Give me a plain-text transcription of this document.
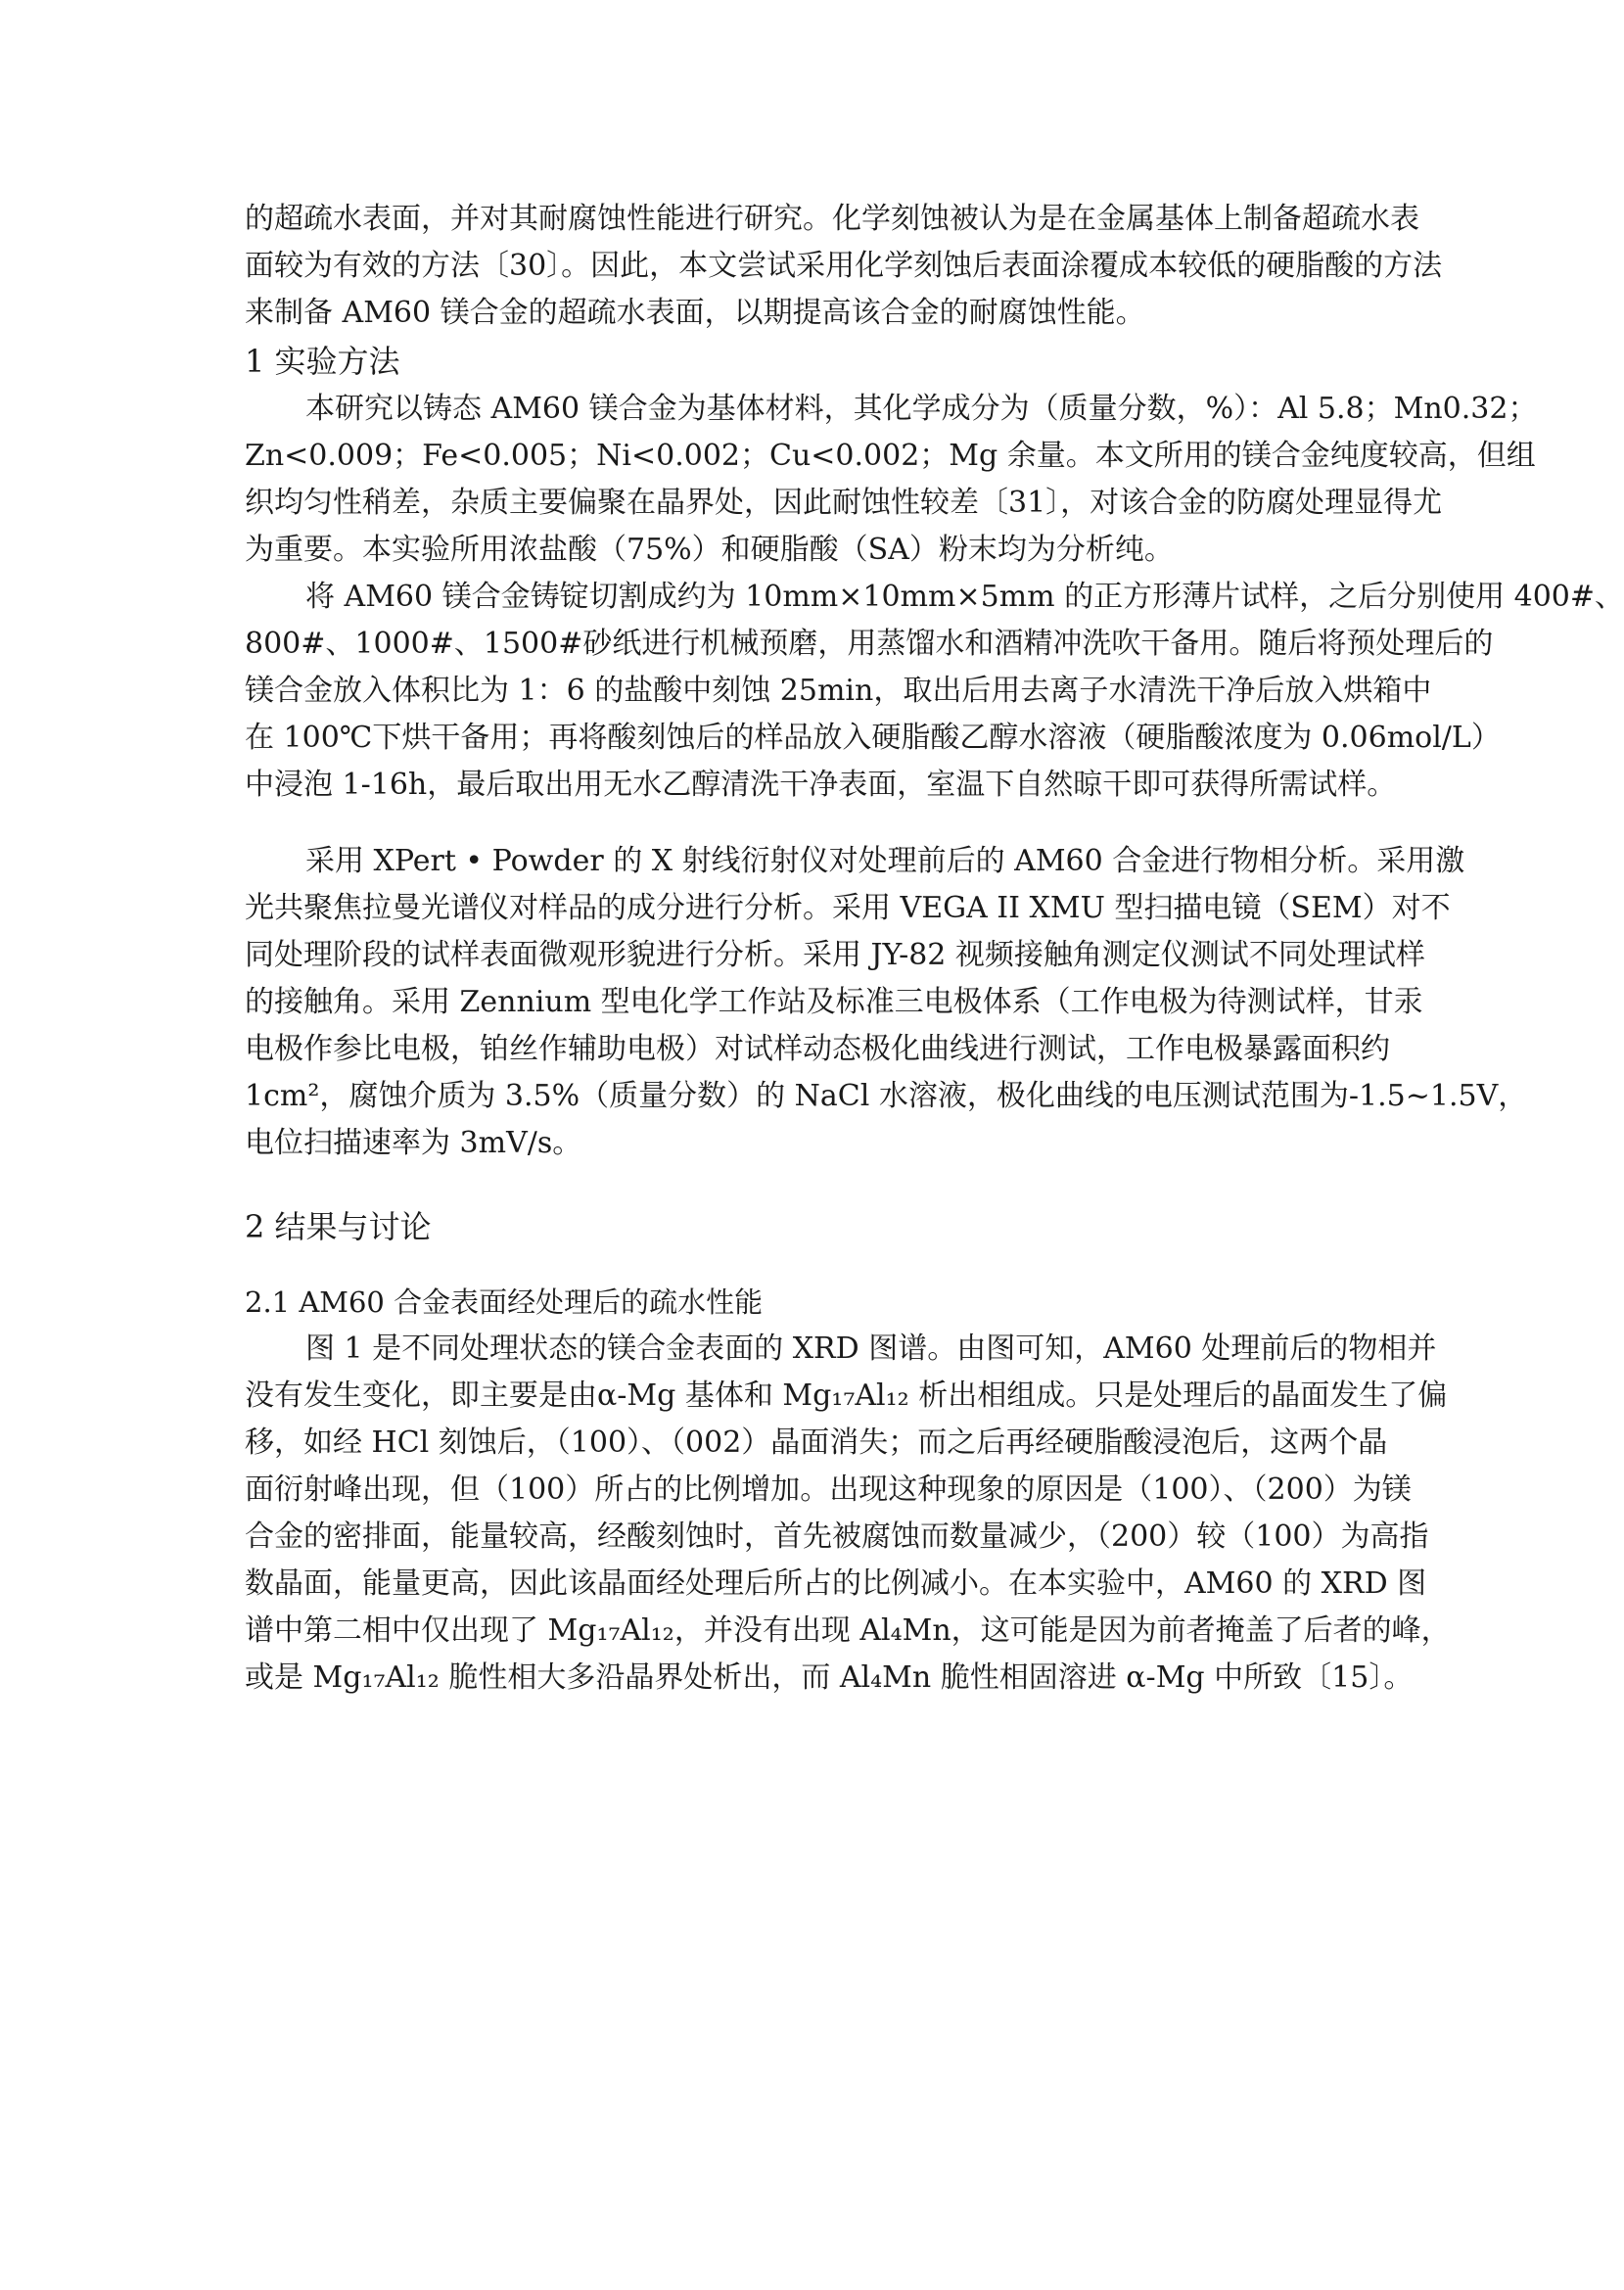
的超疏水表面，并对其耐腐蚀性能进行研究。化学刻蚀被认为是在金属基体上制备超疏水表
面较为有效的方法〔30〕。因此，本文尝试采用化学刻蚀后表面涂覆成本较低的硬脂酸的方法
来制备 AM60 镁合金的超疏水表面，以期提高该合金的耐腐蚀性能。
1 实验方法
本研究以铸态 AM60 镁合金为基体材料，其化学成分为（质量分数，%）：Al 5.8；Mn0.32；
Zn<0.009；Fe<0.005；Ni<0.002；Cu<0.002；Mg 余量。本文所用的镁合金纯度较高，但组
织均匀性稍差，杂质主要偏聚在晶界处，因此耐蚀性较差〔31〕，对该合金的防腐处理显得尤
为重要。本实验所用浓盐酸（75%）和硬脂酸（SA）粉末均为分析纯。
将 AM60 镁合金铸锭切割成约为 10mm×10mm×5mm 的正方形薄片试样，之后分别使用 400#、
800#、1000#、1500#砂纸进行机械预磨，用蒸馏水和酒精冲洗吹干备用。随后将预处理后的
镁合金放入体积比为 1：6 的盐酸中刻蚀 25min，取出后用去离子水清洗干净后放入烘箱中
在 100℃下烘干备用；再将酸刻蚀后的样品放入硬脂酸乙醇水溶液（硬脂酸浓度为 0.06mol/L）
中浸泡 1-16h，最后取出用无水乙醇清洗干净表面，室温下自然晾干即可获得所需试样。
采用 XPert • Powder 的 X 射线衍射仪对处理前后的 AM60 合金进行物相分析。采用激
光共聚焦拉曼光谱仪对样品的成分进行分析。采用 VEGA II XMU 型扫描电镜（SEM）对不
同处理阶段的试样表面微观形貌进行分析。采用 JY-82 视频接触角测定仪测试不同处理试样
的接触角。采用 Zennium 型电化学工作站及标准三电极体系（工作电极为待测试样，甘汞
电极作参比电极，铂丝作辅助电极）对试样动态极化曲线进行测试，工作电极暴露面积约
1cm²，腐蚀介质为 3.5%（质量分数）的 NaCl 水溶液，极化曲线的电压测试范围为-1.5~1.5V，
电位扫描速率为 3mV/s。
2 结果与讨论
2.1 AM60 合金表面经处理后的疏水性能
图 1 是不同处理状态的镁合金表面的 XRD 图谱。由图可知，AM60 处理前后的物相并
没有发生变化，即主要是由α-Mg 基体和 Mg₁₇Al₁₂ 析出相组成。只是处理后的晶面发生了偏
移，如经 HCl 刻蚀后，（100）、（002）晶面消失；而之后再经硬脂酸浸泡后，这两个晶
面衍射峰出现，但（100）所占的比例增加。出现这种现象的原因是（100）、（200）为镁
合金的密排面，能量较高，经酸刻蚀时，首先被腐蚀而数量减少，（200）较（100）为高指
数晶面，能量更高，因此该晶面经处理后所占的比例减小。在本实验中，AM60 的 XRD 图
谱中第二相中仅出现了 Mg₁₇Al₁₂，并没有出现 Al₄Mn，这可能是因为前者掩盖了后者的峰，
或是 Mg₁₇Al₁₂ 脆性相大多沿晶界处析出，而 Al₄Mn 脆性相固溶进 α-Mg 中所致〔15〕。
